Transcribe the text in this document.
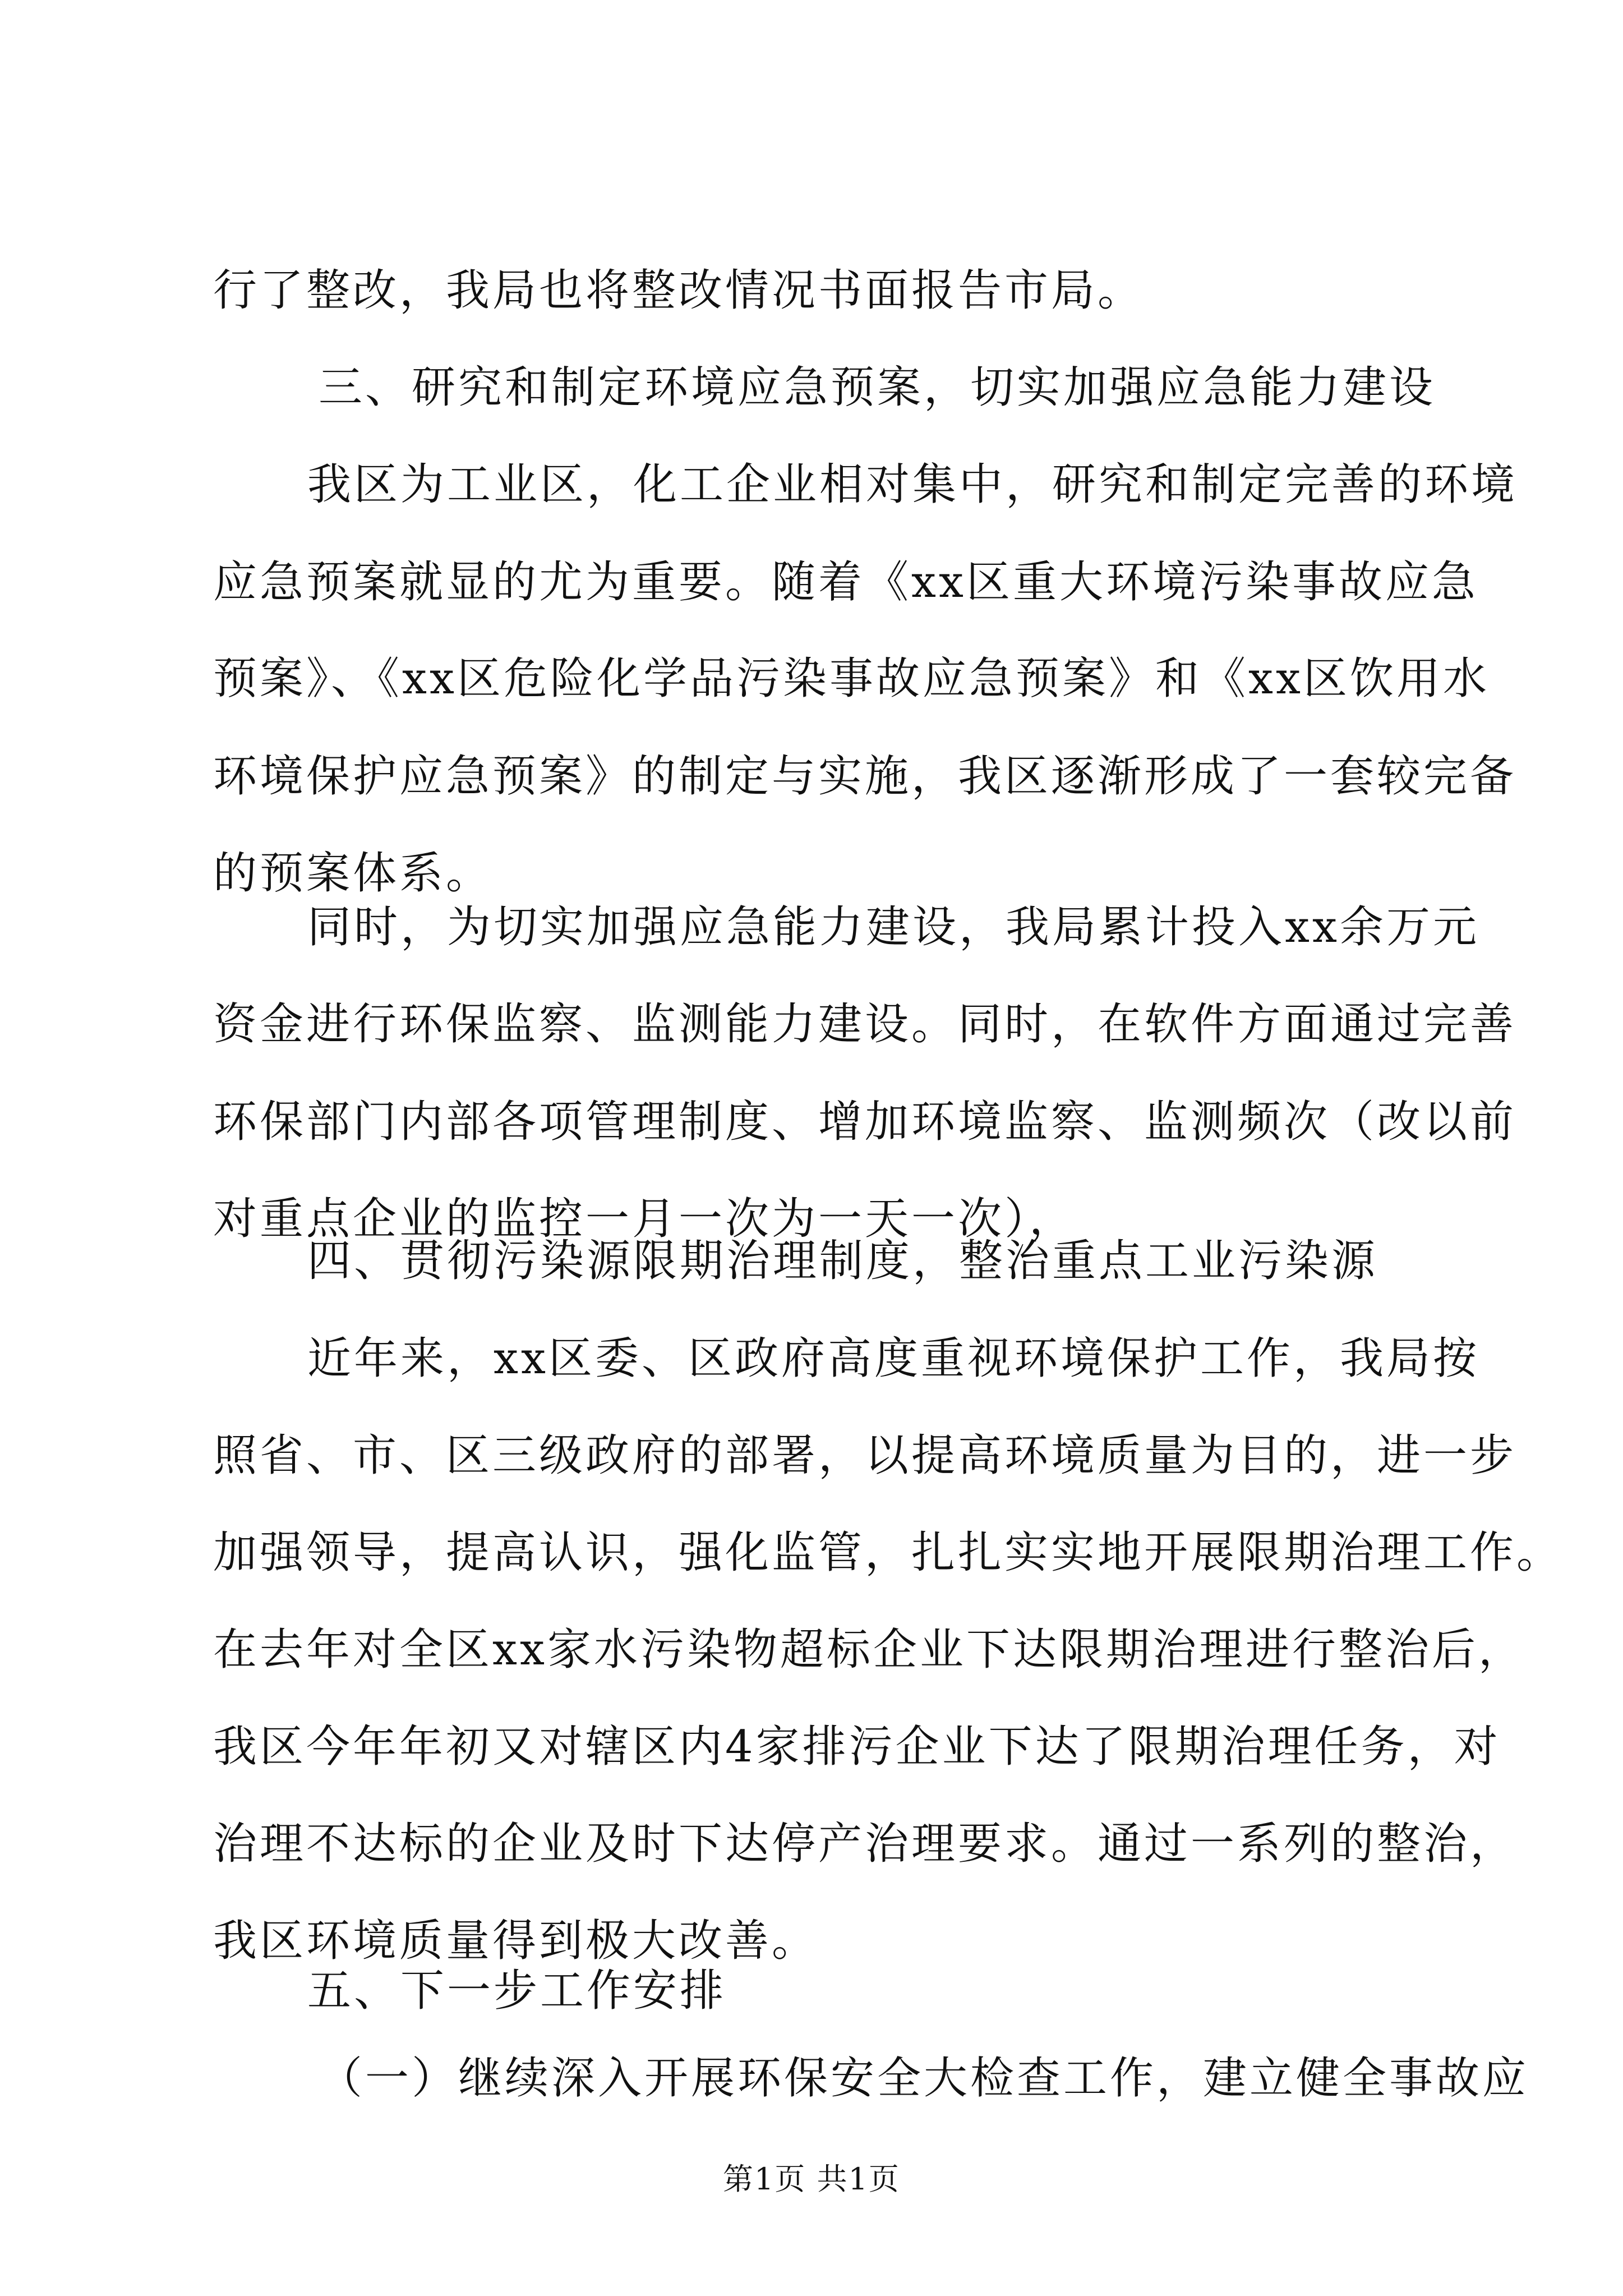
行了整改，我局也将整改情况书面报告市局。
三、研究和制定环境应急预案，切实加强应急能力建设
我区为工业区，化工企业相对集中，研究和制定完善的环境
应急预案就显的尤为重要。随着《xx区重大环境污染事故应急
预案》、《xx区危险化学品污染事故应急预案》和《xx区饮用水
环境保护应急预案》的制定与实施，我区逐渐形成了一套较完备
的预案体系。
同时，为切实加强应急能力建设，我局累计投入xx余万元
资金进行环保监察、监测能力建设。同时，在软件方面通过完善
环保部门内部各项管理制度、增加环境监察、监测频次（改以前
对重点企业的监控一月一次为一天一次），
四、贯彻污染源限期治理制度，整治重点工业污染源
近年来，xx区委、区政府高度重视环境保护工作，我局按
照省、市、区三级政府的部署，以提高环境质量为目的，进一步
加强领导，提高认识，强化监管，扎扎实实地开展限期治理工作。
在去年对全区xx家水污染物超标企业下达限期治理进行整治后，
我区今年年初又对辖区内4家排污企业下达了限期治理任务，对
治理不达标的企业及时下达停产治理要求。通过一系列的整治，
我区环境质量得到极大改善。
五、下一步工作安排
（一）继续深入开展环保安全大检查工作，建立健全事故应
第1页 共1页
